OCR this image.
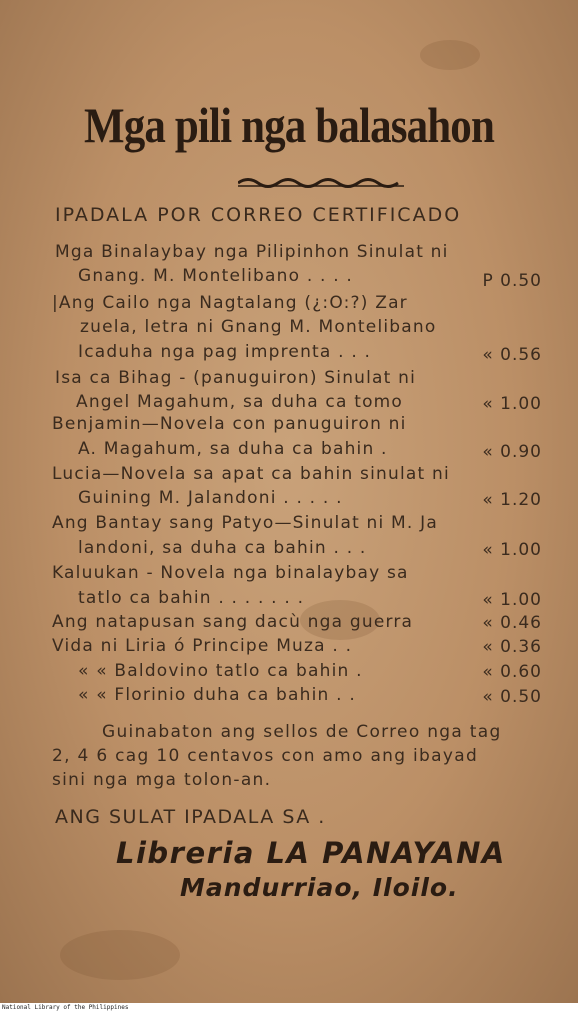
Mga pili nga balasahon
IPADALA POR CORREO CERTIFICADO
Mga Binalaybay nga Pilipinhon Sinulat ni
Gnang. M. Montelibano . . . .	P 0.50
|Ang Cailo nga Nagtalang (¿:O:?) Zar
zuela, letra ni Gnang M. Montelibano
Icaduha nga pag imprenta . . .	« 0.56
Isa ca Bihag - (panuguiron) Sinulat ni
Angel Magahum, sa duha ca tomo	« 1.00
Benjamin—Novela con panuguiron ni
A. Magahum, sa duha ca bahin .	« 0.90
Lucia—Novela sa apat ca bahin sinulat ni
Guining M. Jalandoni . . . . .	« 1.20
Ang Bantay sang Patyo—Sinulat ni M. Ja
landoni, sa duha ca bahin . . .	« 1.00
Kaluukan - Novela nga binalaybay sa
tatlo ca bahin . . . . . . .	« 1.00
Ang natapusan sang dacù nga guerra	« 0.46
Vida ni Liria ó Principe Muza . .	« 0.36
« « Baldovino tatlo ca bahin .	« 0.60
« « Florinio duha ca bahin . .	« 0.50
Guinabaton ang sellos de Correo nga tag
2, 4 6 cag 10 centavos con amo ang ibayad
sini nga mga tolon-an.
ANG SULAT IPADALA SA .
Libreria LA PANAYANA
Mandurriao, Iloilo.
National Library of the Philippines
